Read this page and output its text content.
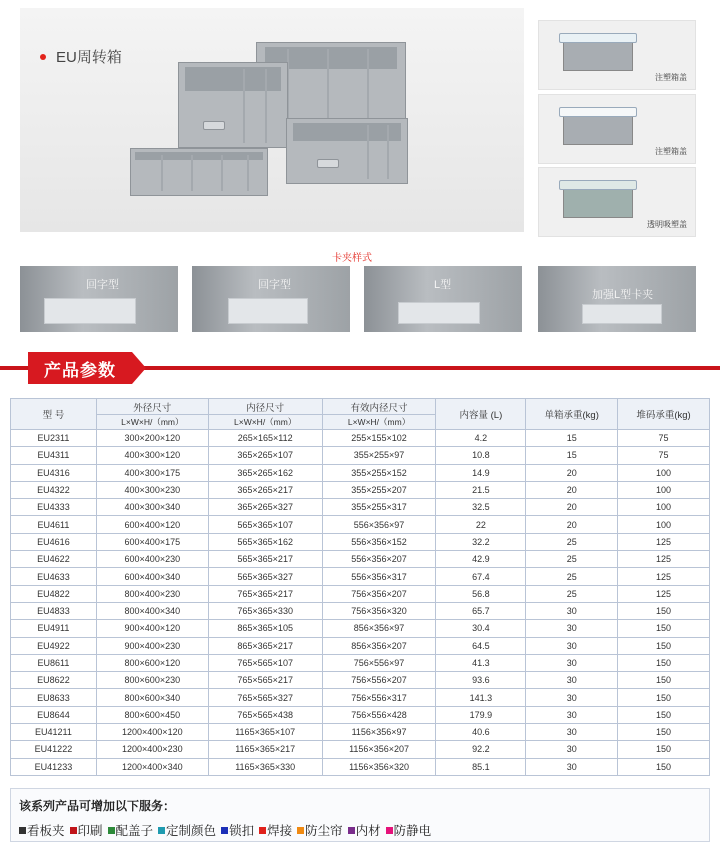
EU周转箱
注塑箱盖
注塑箱盖
透明吸塑盖
卡夹样式
回字型	回字型	L型
加强L型卡夹
产品参数
型 号	外径尺寸	内径尺寸	有效内径尺寸	内容量 (L)	单箱承重(kg)	堆码承重(kg)
	L×W×H/（mm）	L×W×H/（mm）	L×W×H/（mm）			
EU2311	300×200×120	265×165×112	255×155×102	4.2	15	75
EU4311	400×300×120	365×265×107	355×255×97	10.8	15	75
EU4316	400×300×175	365×265×162	355×255×152	14.9	20	100
EU4322	400×300×230	365×265×217	355×255×207	21.5	20	100
EU4333	400×300×340	365×265×327	355×255×317	32.5	20	100
EU4611	600×400×120	565×365×107	556×356×97	22	20	100
EU4616	600×400×175	565×365×162	556×356×152	32.2	25	125
EU4622	600×400×230	565×365×217	556×356×207	42.9	25	125
EU4633	600×400×340	565×365×327	556×356×317	67.4	25	125
EU4822	800×400×230	765×365×217	756×356×207	56.8	25	125
EU4833	800×400×340	765×365×330	756×356×320	65.7	30	150
EU4911	900×400×120	865×365×105	856×356×97	30.4	30	150
EU4922	900×400×230	865×365×217	856×356×207	64.5	30	150
EU8611	800×600×120	765×565×107	756×556×97	41.3	30	150
EU8622	800×600×230	765×565×217	756×556×207	93.6	30	150
EU8633	800×600×340	765×565×327	756×556×317	141.3	30	150
EU8644	800×600×450	765×565×438	756×556×428	179.9	30	150
EU41211	1200×400×120	1165×365×107	1156×356×97	40.6	30	150
EU41222	1200×400×230	1165×365×217	1156×356×207	92.2	30	150
EU41233	1200×400×340	1165×365×330	1156×356×320	85.1	30	150
该系列产品可增加以下服务：
看板夹 印刷 配盖子 定制颜色 锁扣 焊接 防尘帘 内材 防静电
